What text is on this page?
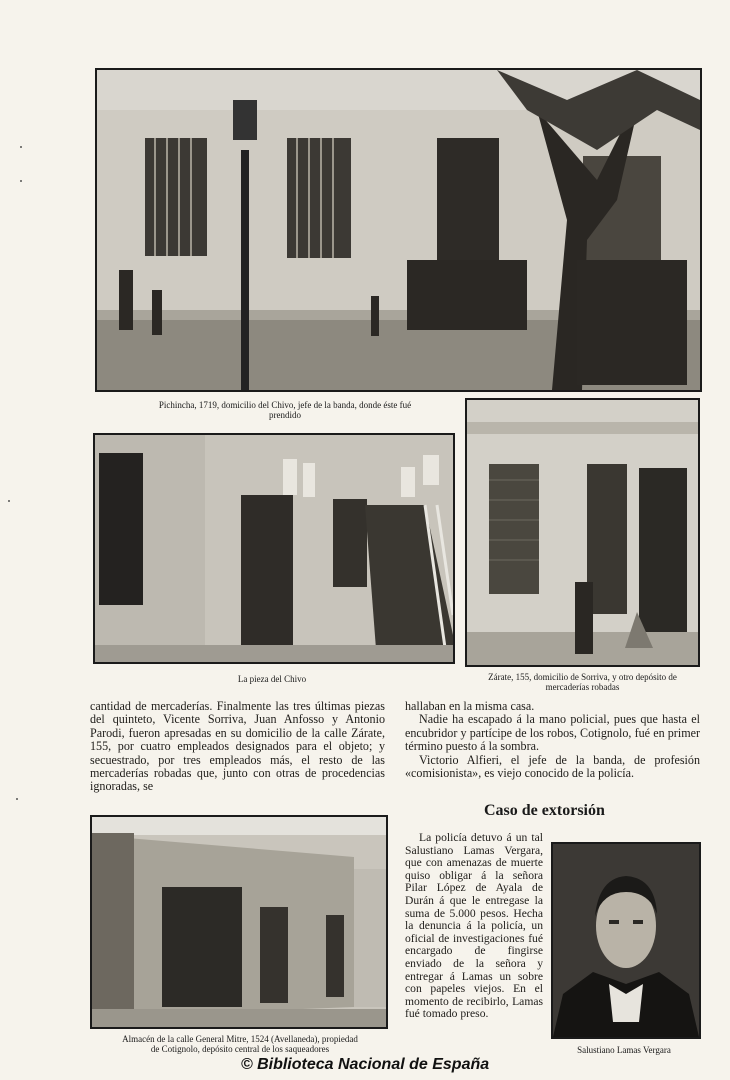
Pichincha, 1719, domicilio del Chivo, jefe de la banda, donde éste fué
prendido
La pieza del Chivo	Zárate, 155, domicilio de Sorriva, y otro depósito de
mercaderías robadas

cantidad de mercaderías. Finalmente las tres últimas piezas del quinteto, Vicente Sorriva, Juan Anfosso y Antonio Parodi, fueron apresadas en su domicilio de la calle Zárate, 155, por cuatro empleados designados para el objeto; y secuestrado, por tres empleados más, el resto de las mercaderías robadas que, junto con otras de procedencias ignoradas, se

hallaban en la misma casa.

Nadie ha escapado á la mano policial, pues que hasta el encubridor y partícipe de los robos, Cotignolo, fué en primer término puesto á la sombra.

Victorio Alfieri, el jefe de la banda, de profesión «comisionista», es viejo conocido de la policía.

Caso de extorsión

La policía detuvo á un tal Salustiano Lamas Vergara, que con amenazas de muerte quiso obligar á la señora Pilar López de Ayala de Durán á que le entregase la suma de 5.000 pesos. Hecha la denuncia á la policía, un oficial de investigaciones fué encargado de fingirse enviado de la señora y entregar á Lamas un sobre con papeles viejos. En el momento de recibirlo, Lamas fué tomado preso.

Almacén de la calle General Mitre, 1524 (Avellaneda), propiedad
de Cotignolo, depósito central de los saqueadores	Salustiano Lamas Vergara
© Biblioteca Nacional de España
